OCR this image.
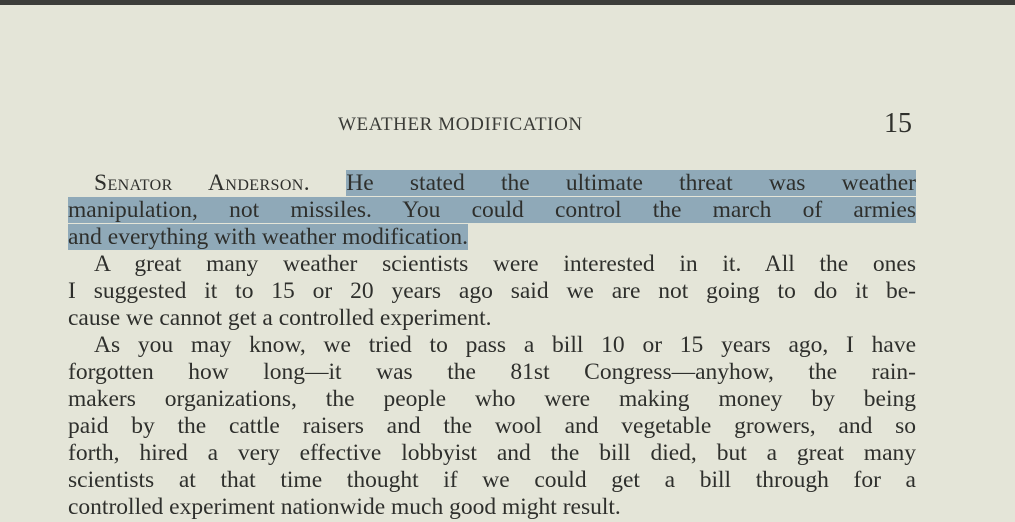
WEATHER MODIFICATION	15
Senator Anderson. He stated the ultimate threat was weather
manipulation, not missiles. You could control the march of armies
and everything with weather modification.
A great many weather scientists were interested in it. All the ones
I suggested it to 15 or 20 years ago said we are not going to do it be-
cause we cannot get a controlled experiment.
As you may know, we tried to pass a bill 10 or 15 years ago, I have
forgotten how long—it was the 81st Congress—anyhow, the rain-
makers organizations, the people who were making money by being
paid by the cattle raisers and the wool and vegetable growers, and so
forth, hired a very effective lobbyist and the bill died, but a great many
scientists at that time thought if we could get a bill through for a
controlled experiment nationwide much good might result.
